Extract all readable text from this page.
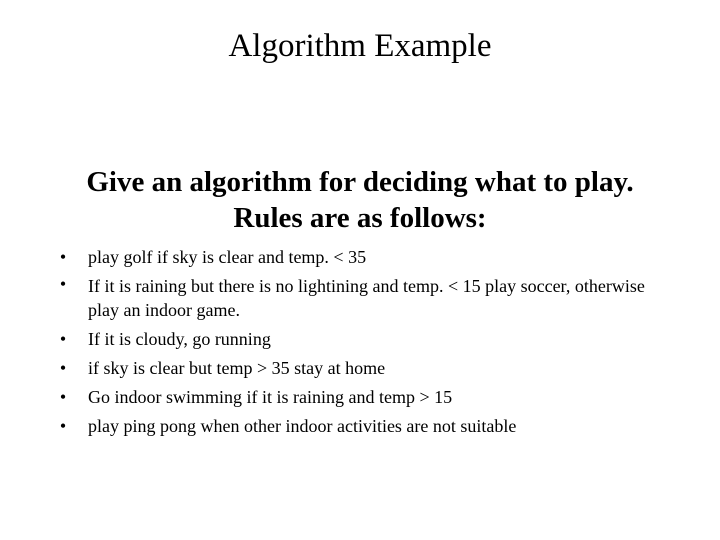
Algorithm Example
Give an algorithm for deciding what to play.
Rules are as follows:
• play golf if sky is clear and temp. < 35
• If it is raining but there is no lightining and temp. < 15 play soccer, otherwise play an indoor game.
• If it is cloudy, go running
• if sky is clear but temp > 35 stay at home
• Go indoor swimming if it is raining and temp > 15
• play ping pong when other indoor activities are not suitable
